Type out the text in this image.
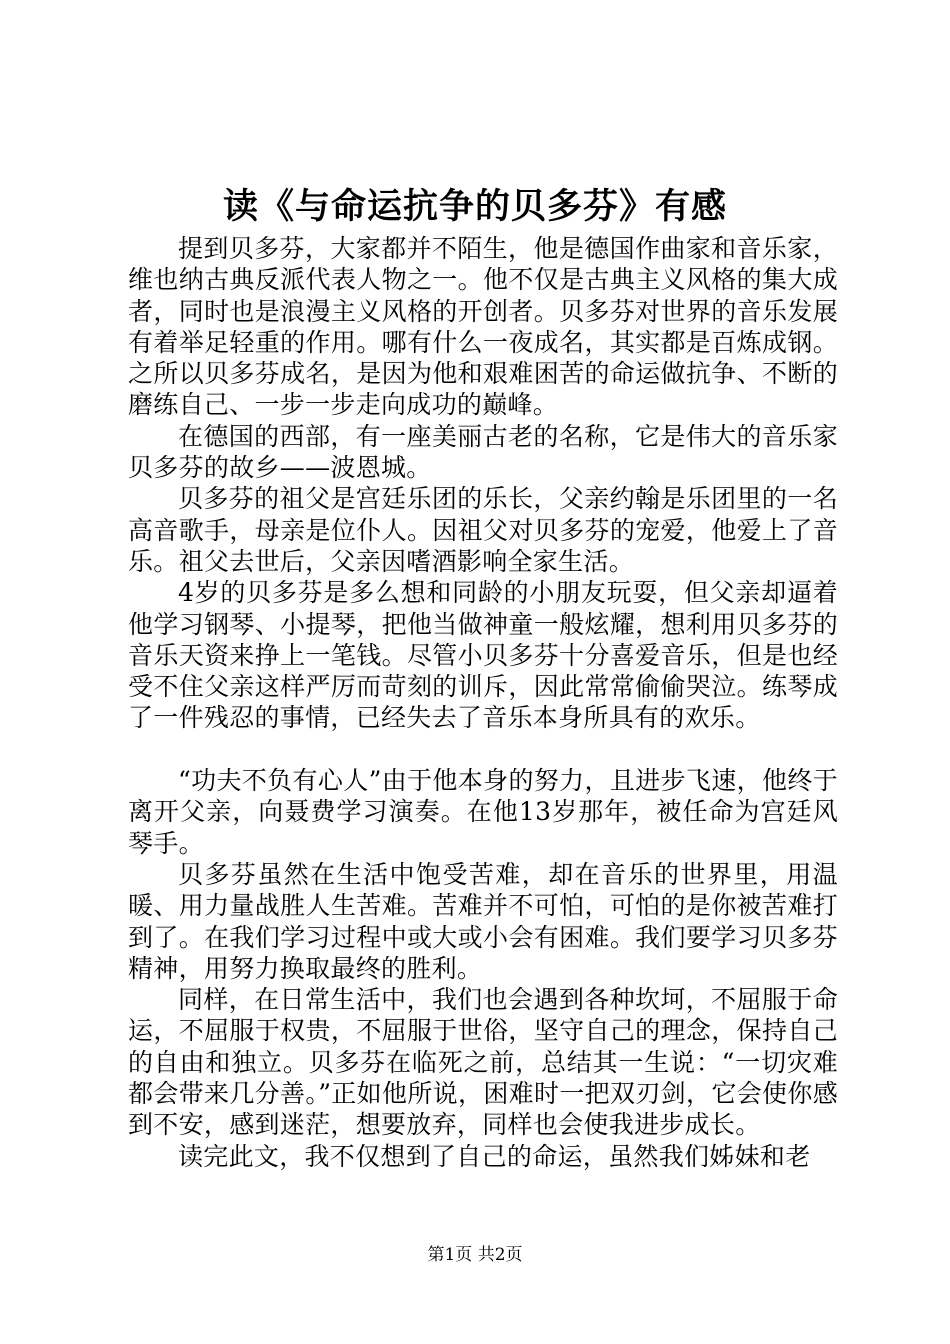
读《与命运抗争的贝多芬》有感

提到贝多芬，大家都并不陌生，他是德国作曲家和音乐家，维也纳古典反派代表人物之一。他不仅是古典主义风格的集大成者，同时也是浪漫主义风格的开创者。贝多芬对世界的音乐发展有着举足轻重的作用。哪有什么一夜成名，其实都是百炼成钢。之所以贝多芬成名，是因为他和艰难困苦的命运做抗争、不断的磨练自己、一步一步走向成功的巅峰。

在德国的西部，有一座美丽古老的名称，它是伟大的音乐家贝多芬的故乡——波恩城。

贝多芬的祖父是宫廷乐团的乐长，父亲约翰是乐团里的一名高音歌手，母亲是位仆人。因祖父对贝多芬的宠爱，他爱上了音乐。祖父去世后，父亲因嗜酒影响全家生活。

4岁的贝多芬是多么想和同龄的小朋友玩耍，但父亲却逼着他学习钢琴、小提琴，把他当做神童一般炫耀，想利用贝多芬的音乐天资来挣上一笔钱。尽管小贝多芬十分喜爱音乐，但是也经受不住父亲这样严厉而苛刻的训斥，因此常常偷偷哭泣。练琴成了一件残忍的事情，已经失去了音乐本身所具有的欢乐。

“功夫不负有心人”由于他本身的努力，且进步飞速，他终于离开父亲，向聂费学习演奏。在他13岁那年，被任命为宫廷风琴手。

贝多芬虽然在生活中饱受苦难，却在音乐的世界里，用温暖、用力量战胜人生苦难。苦难并不可怕，可怕的是你被苦难打到了。在我们学习过程中或大或小会有困难。我们要学习贝多芬精神，用努力换取最终的胜利。

同样，在日常生活中，我们也会遇到各种坎坷，不屈服于命运，不屈服于权贵，不屈服于世俗，坚守自己的理念，保持自己的自由和独立。贝多芬在临死之前，总结其一生说：“一切灾难都会带来几分善。”正如他所说，困难时一把双刃剑，它会使你感到不安，感到迷茫，想要放弃，同样也会使我进步成长。

读完此文，我不仅想到了自己的命运，虽然我们姊妹和老

第1页 共2页
